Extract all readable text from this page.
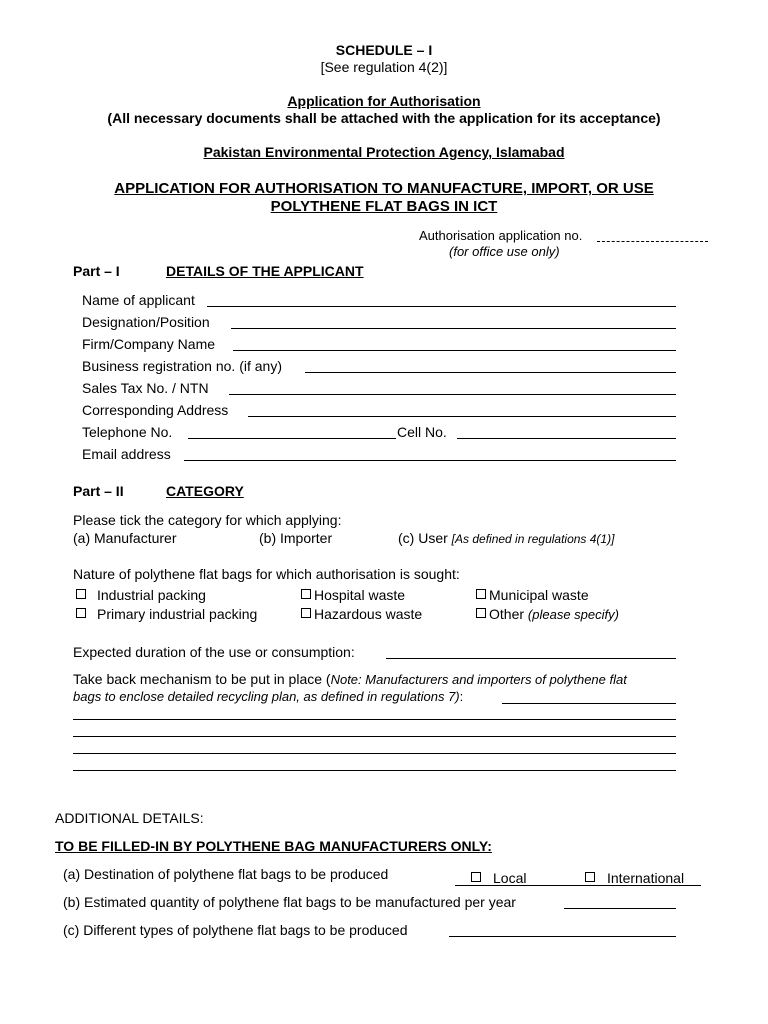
SCHEDULE – I
[See regulation 4(2)]
Application for Authorisation
(All necessary documents shall be attached with the application for its acceptance)
Pakistan Environmental Protection Agency, Islamabad
APPLICATION FOR AUTHORISATION TO MANUFACTURE, IMPORT, OR USE
POLYTHENE FLAT BAGS IN ICT
Authorisation application no.
(for office use only)
Part – I	DETAILS OF THE APPLICANT
Name of applicant
Designation/Position
Firm/Company Name
Business registration no. (if any)
Sales Tax No. / NTN
Corresponding Address
Telephone No.	Cell No.
Email address
Part – II	CATEGORY
Please tick the category for which applying:
(a) Manufacturer	(b) Importer	(c) User [As defined in regulations 4(1)]
Nature of polythene flat bags for which authorisation is sought:
Industrial packing	Hospital waste	Municipal waste
Primary industrial packing	Hazardous waste	Other (please specify)
Expected duration of the use or consumption:
Take back mechanism to be put in place (Note: Manufacturers and importers of polythene flat
bags to enclose detailed recycling plan, as defined in regulations 7):
ADDITIONAL DETAILS:
TO BE FILLED-IN BY POLYTHENE BAG MANUFACTURERS ONLY:
(a) Destination of polythene flat bags to be produced	Local	International
(b) Estimated quantity of polythene flat bags to be manufactured per year
(c) Different types of polythene flat bags to be produced
